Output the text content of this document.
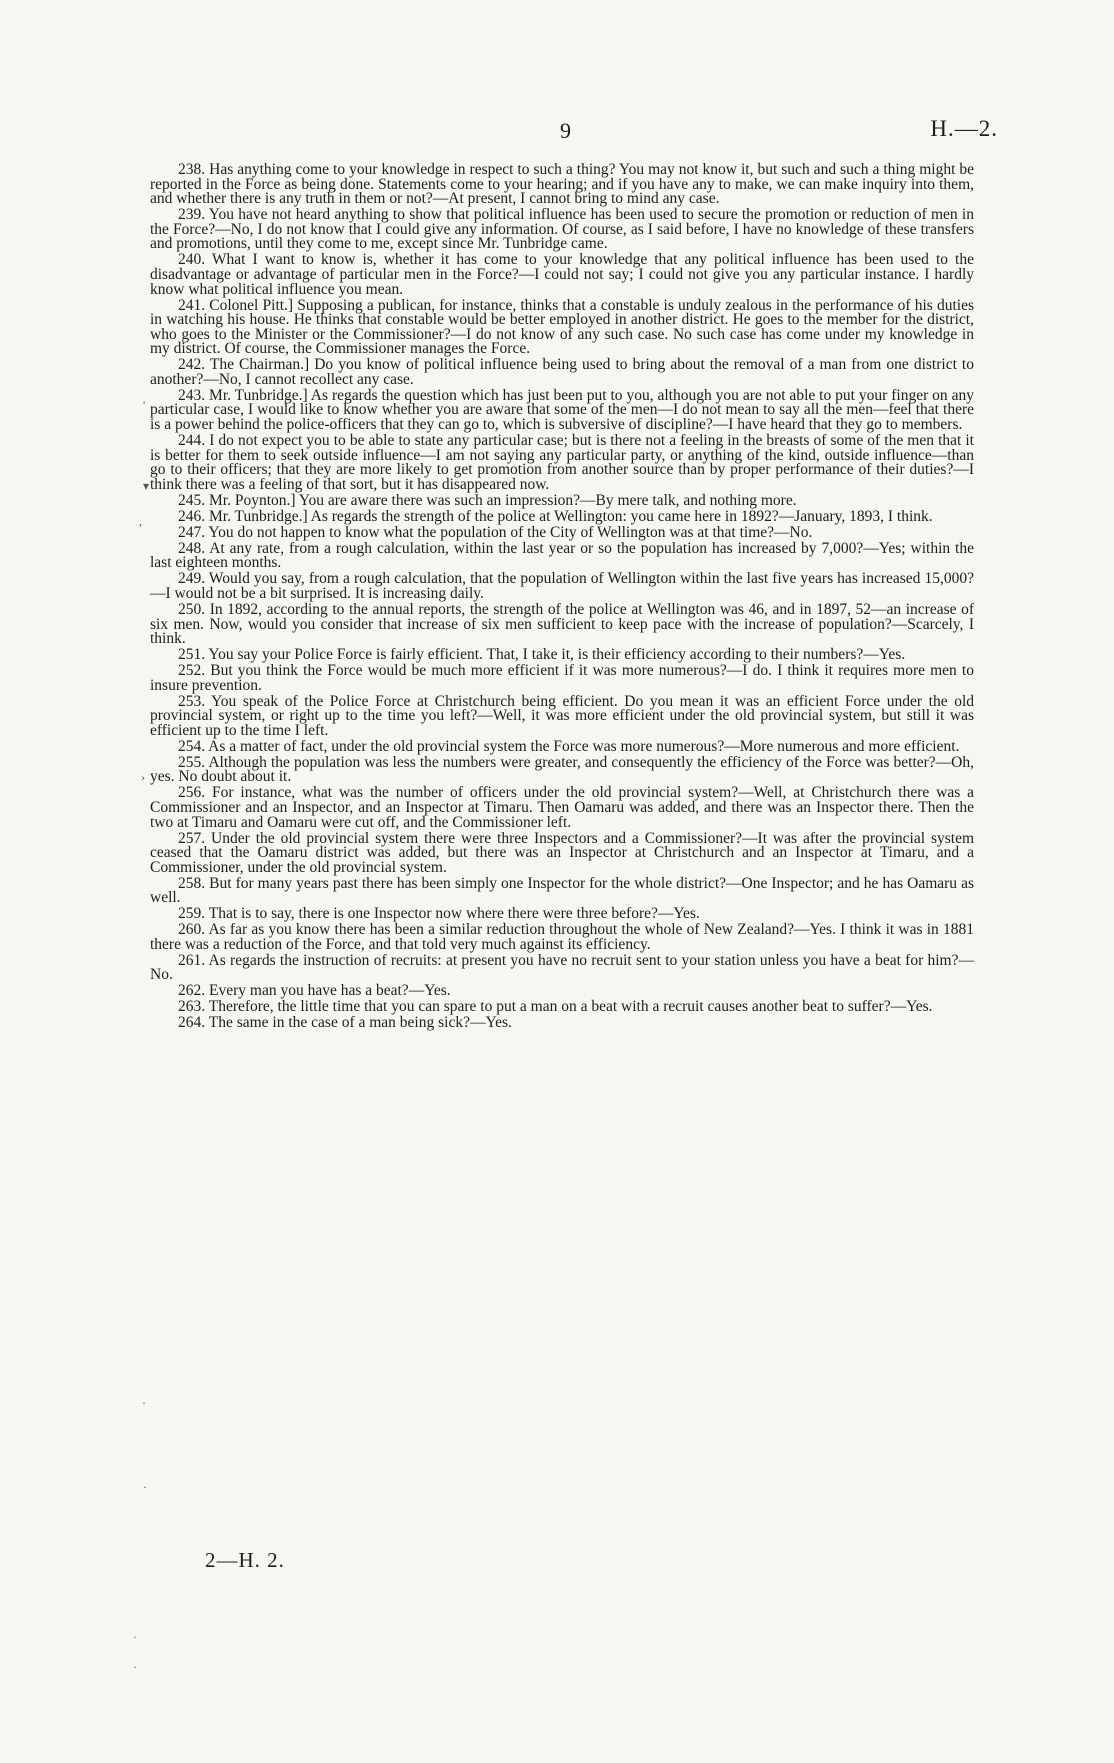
9	H.—2.

238. Has anything come to your knowledge in respect to such a thing? You may not know it, but such and such a thing might be reported in the Force as being done. Statements come to your hearing; and if you have any to make, we can make inquiry into them, and whether there is any truth in them or not?—At present, I cannot bring to mind any case.

239. You have not heard anything to show that political influence has been used to secure the promotion or reduction of men in the Force?—No, I do not know that I could give any information. Of course, as I said before, I have no knowledge of these transfers and promotions, until they come to me, except since Mr. Tunbridge came.

240. What I want to know is, whether it has come to your knowledge that any political influence has been used to the disadvantage or advantage of particular men in the Force?—I could not say; I could not give you any particular instance. I hardly know what political influence you mean.

241. Colonel Pitt.] Supposing a publican, for instance, thinks that a constable is unduly zealous in the performance of his duties in watching his house. He thinks that constable would be better employed in another district. He goes to the member for the district, who goes to the Minister or the Commissioner?—I do not know of any such case. No such case has come under my knowledge in my district. Of course, the Commissioner manages the Force.

242. The Chairman.] Do you know of political influence being used to bring about the removal of a man from one district to another?—No, I cannot recollect any case.

243. Mr. Tunbridge.] As regards the question which has just been put to you, although you are not able to put your finger on any particular case, I would like to know whether you are aware that some of the men—I do not mean to say all the men—feel that there is a power behind the police-officers that they can go to, which is subversive of discipline?—I have heard that they go to members.

244. I do not expect you to be able to state any particular case; but is there not a feeling in the breasts of some of the men that it is better for them to seek outside influence—I am not saying any particular party, or anything of the kind, outside influence—than go to their officers; that they are more likely to get promotion from another source than by proper performance of their duties?—I think there was a feeling of that sort, but it has disappeared now.

245. Mr. Poynton.] You are aware there was such an impression?—By mere talk, and nothing more.

246. Mr. Tunbridge.] As regards the strength of the police at Wellington: you came here in 1892?—January, 1893, I think.

247. You do not happen to know what the population of the City of Wellington was at that time?—No.

248. At any rate, from a rough calculation, within the last year or so the population has increased by 7,000?—Yes; within the last eighteen months.

249. Would you say, from a rough calculation, that the population of Wellington within the last five years has increased 15,000?—I would not be a bit surprised. It is increasing daily.

250. In 1892, according to the annual reports, the strength of the police at Wellington was 46, and in 1897, 52—an increase of six men. Now, would you consider that increase of six men sufficient to keep pace with the increase of population?—Scarcely, I think.

251. You say your Police Force is fairly efficient. That, I take it, is their efficiency according to their numbers?—Yes.

252. But you think the Force would be much more efficient if it was more numerous?—I do. I think it requires more men to insure prevention.

253. You speak of the Police Force at Christchurch being efficient. Do you mean it was an efficient Force under the old provincial system, or right up to the time you left?—Well, it was more efficient under the old provincial system, but still it was efficient up to the time I left.

254. As a matter of fact, under the old provincial system the Force was more numerous?—More numerous and more efficient.

255. Although the population was less the numbers were greater, and consequently the efficiency of the Force was better?—Oh, yes. No doubt about it.

256. For instance, what was the number of officers under the old provincial system?—Well, at Christchurch there was a Commissioner and an Inspector, and an Inspector at Timaru. Then Oamaru was added, and there was an Inspector there. Then the two at Timaru and Oamaru were cut off, and the Commissioner left.

257. Under the old provincial system there were three Inspectors and a Commissioner?—It was after the provincial system ceased that the Oamaru district was added, but there was an Inspector at Christchurch and an Inspector at Timaru, and a Commissioner, under the old provincial system.

258. But for many years past there has been simply one Inspector for the whole district?—One Inspector; and he has Oamaru as well.

259. That is to say, there is one Inspector now where there were three before?—Yes.

260. As far as you know there has been a similar reduction throughout the whole of New Zealand?—Yes. I think it was in 1881 there was a reduction of the Force, and that told very much against its efficiency.

261. As regards the instruction of recruits: at present you have no recruit sent to your station unless you have a beat for him?—No.

262. Every man you have has a beat?—Yes.

263. Therefore, the little time that you can spare to put a man on a beat with a recruit causes another beat to suffer?—Yes.

264. The same in the case of a man being sick?—Yes.

2—H. 2.
'
▾
,
›
·
·
·
·
